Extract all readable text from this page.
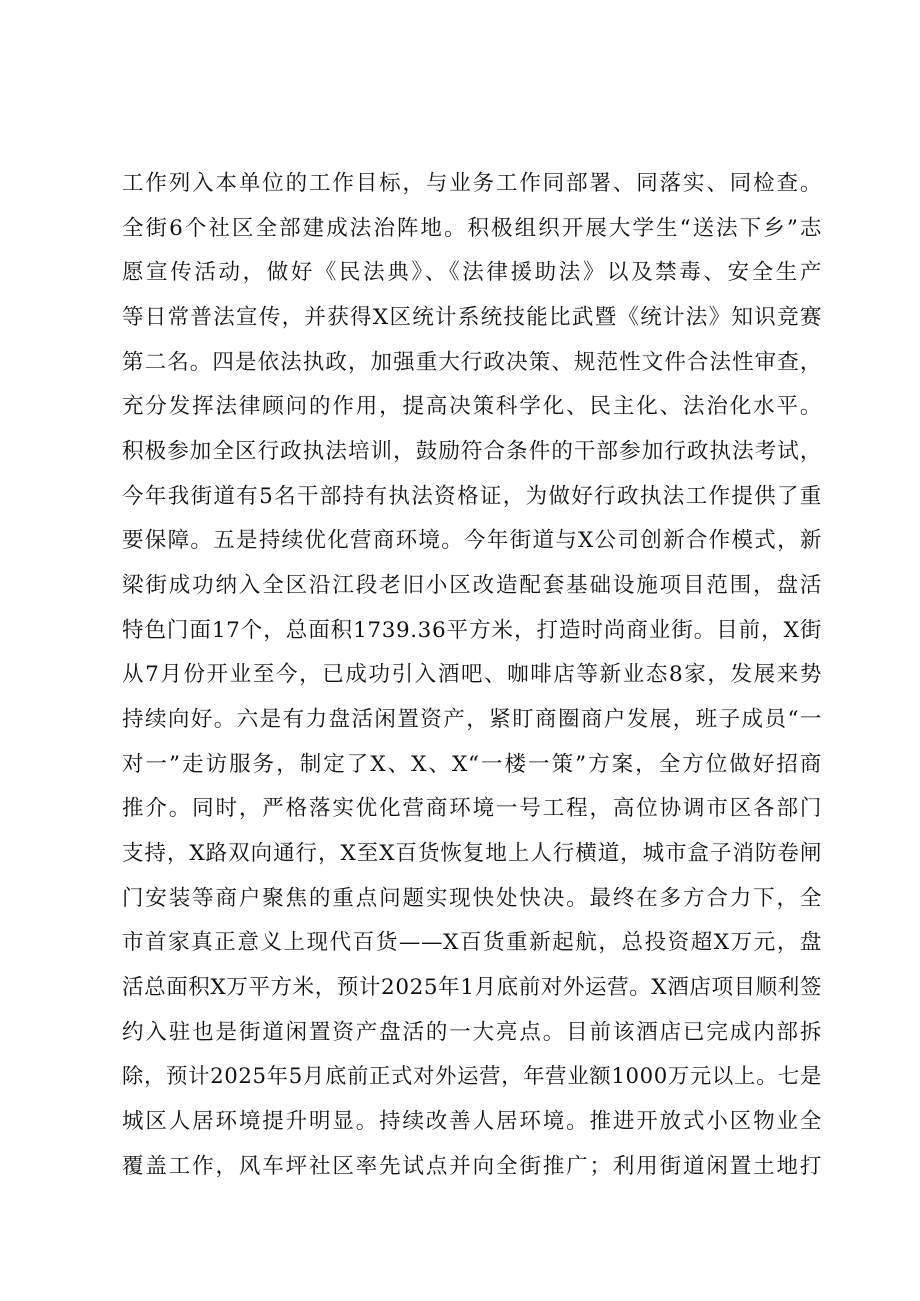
工作列入本单位的工作目标，与业务工作同部署、同落实、同检查。
全街6个社区全部建成法治阵地。积极组织开展大学生“送法下乡”志
愿宣传活动，做好《民法典》、《法律援助法》以及禁毒、安全生产
等日常普法宣传，并获得X区统计系统技能比武暨《统计法》知识竞赛
第二名。四是依法执政，加强重大行政决策、规范性文件合法性审查，
充分发挥法律顾问的作用，提高决策科学化、民主化、法治化水平。
积极参加全区行政执法培训，鼓励符合条件的干部参加行政执法考试，
今年我街道有5名干部持有执法资格证，为做好行政执法工作提供了重
要保障。五是持续优化营商环境。今年街道与X公司创新合作模式，新
梁街成功纳入全区沿江段老旧小区改造配套基础设施项目范围，盘活
特色门面17个，总面积1739.36平方米，打造时尚商业街。目前，X街
从7月份开业至今，已成功引入酒吧、咖啡店等新业态8家，发展来势
持续向好。六是有力盘活闲置资产，紧盯商圈商户发展，班子成员“一
对一”走访服务，制定了X、X、X“一楼一策”方案，全方位做好招商
推介。同时，严格落实优化营商环境一号工程，高位协调市区各部门
支持，X路双向通行，X至X百货恢复地上人行横道，城市盒子消防卷闸
门安装等商户聚焦的重点问题实现快处快决。最终在多方合力下，全
市首家真正意义上现代百货——X百货重新起航，总投资超X万元，盘
活总面积X万平方米，预计2025年1月底前对外运营。X酒店项目顺利签
约入驻也是街道闲置资产盘活的一大亮点。目前该酒店已完成内部拆
除，预计2025年5月底前正式对外运营，年营业额1000万元以上。七是
城区人居环境提升明显。持续改善人居环境。推进开放式小区物业全
覆盖工作，风车坪社区率先试点并向全街推广；利用街道闲置土地打
